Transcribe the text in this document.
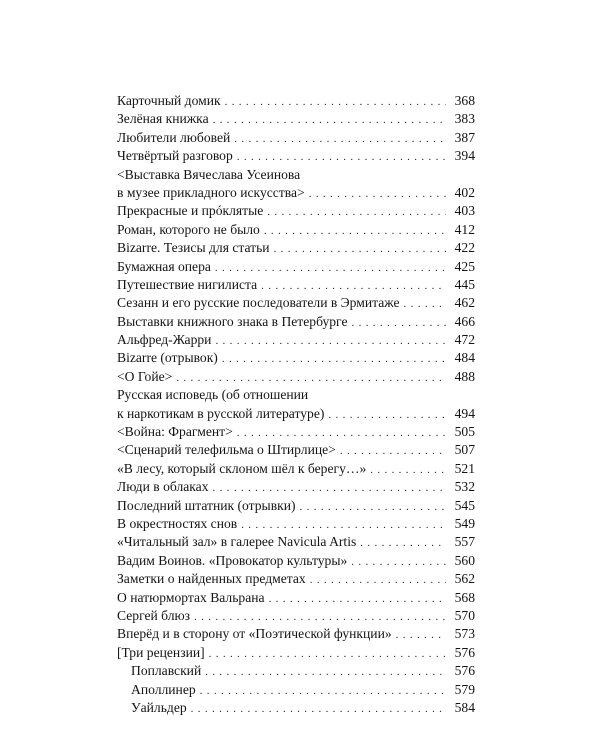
Карточный домик . . .	368
Зелёная книжка . . .	383
Любители любовей . . .	387
Четвёртый разговор . . .	394
<Выставка Вячеслава Усеинова
в музее прикладного искусства> . . .	402
Прекрасные и прóклятые . . .	403
Роман, которого не было . . .	412
Bizarre. Тезисы для статьи . . .	422
Бумажная опера . . .	425
Путешествие нигилиста . . .	445
Сезанн и его русские последователи в Эрмитаже . . .	462
Выставки книжного знака в Петербурге . . .	466
Альфред-Жарри . . .	472
Bizarre (отрывок) . . .	484
<О Гойе> . . .	488
Русская исповедь (об отношении
к наркотикам в русской литературе) . . .	494
<Война: Фрагмент> . . .	505
<Сценарий телефильма о Штирлице> . . .	507
«В лесу, который склоном шёл к берегу…» . . .	521
Люди в облаках . . .	532
Последний штатник (отрывки) . . .	545
В окрестностях снов . . .	549
«Читальный зал» в галерее Navicula Artis . . .	557
Вадим Воинов. «Провокатор культуры» . . .	560
Заметки о найденных предметах . . .	562
О натюрмортах Вальрана . . .	568
Сергей блюз . . .	570
Вперёд и в сторону от «Поэтической функции» . . .	573
[Три рецензии] . . .	576
Поплавский . . .	576
Аполлинер . . .	579
Уайльдер . . .	584
